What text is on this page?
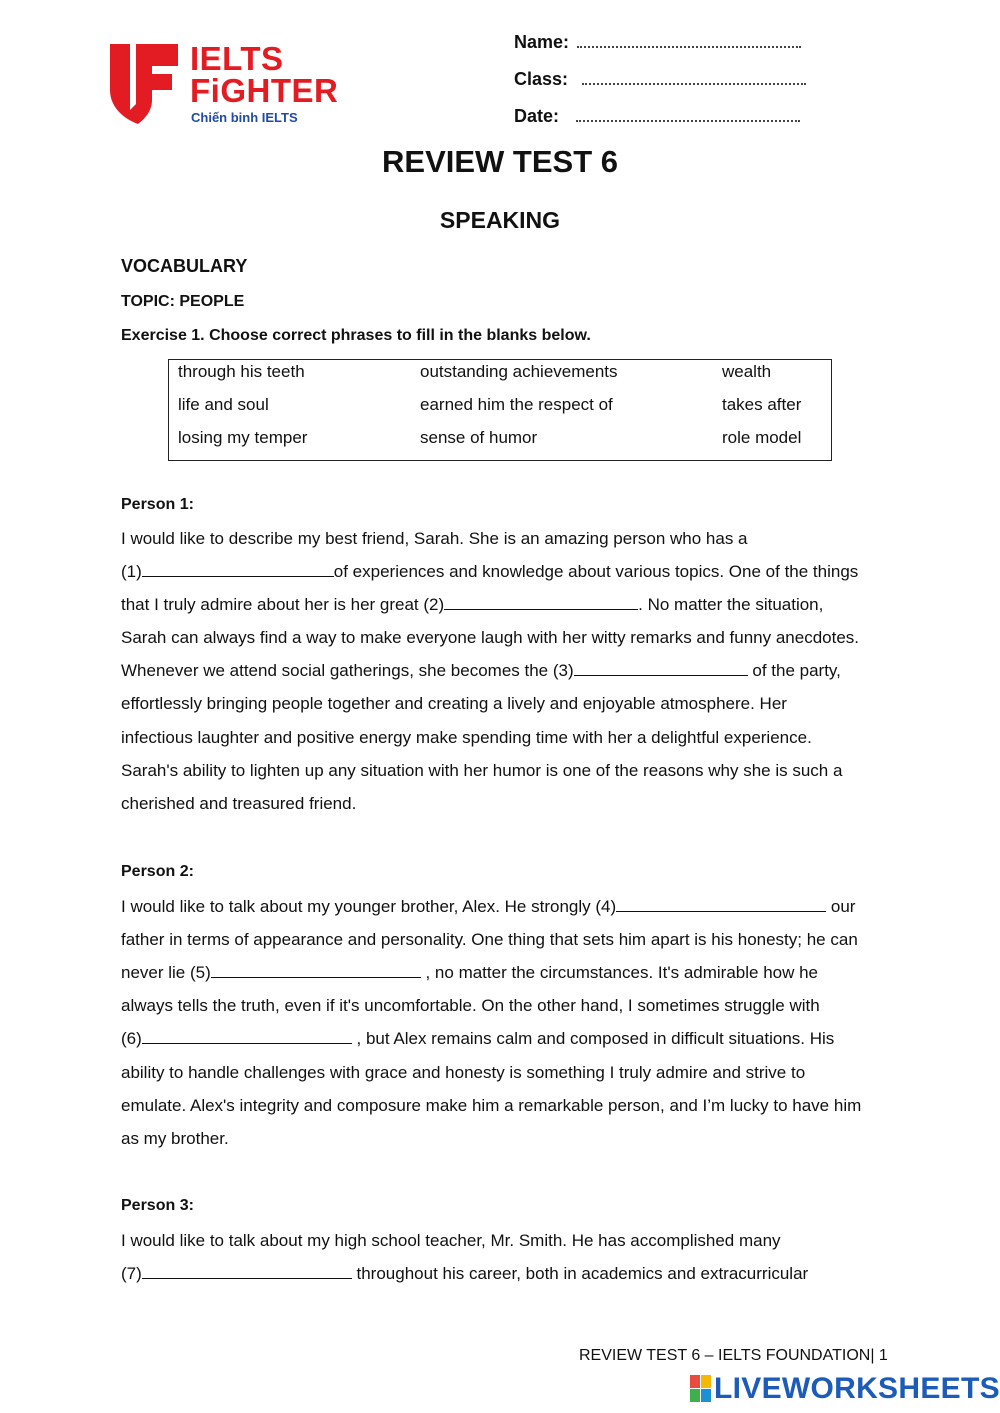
IELTS
FiGHTER
Chiến binh IELTS
Name:
Class:
Date:
REVIEW TEST 6
SPEAKING
VOCABULARY
TOPIC: PEOPLE
Exercise 1. Choose correct phrases to fill in the blanks below.
through his teeth	outstanding achievements	wealth
life and soul	earned him the respect of	takes after
losing my temper	sense of humor	role model
Person 1:
I would like to describe my best friend, Sarah. She is an amazing person who has a
(1)	of experiences and knowledge about various topics. One of the things
that I truly admire about her is her great (2)	. No matter the situation,
Sarah can always find a way to make everyone laugh with her witty remarks and funny anecdotes.
Whenever we attend social gatherings, she becomes the (3)	of the party,
effortlessly bringing people together and creating a lively and enjoyable atmosphere. Her
infectious laughter and positive energy make spending time with her a delightful experience.
Sarah's ability to lighten up any situation with her humor is one of the reasons why she is such a
cherished and treasured friend.
Person 2:
I would like to talk about my younger brother, Alex. He strongly (4)	our
father in terms of appearance and personality. One thing that sets him apart is his honesty; he can
never lie (5)	, no matter the circumstances. It's admirable how he
always tells the truth, even if it's uncomfortable. On the other hand, I sometimes struggle with
(6)	, but Alex remains calm and composed in difficult situations. His
ability to handle challenges with grace and honesty is something I truly admire and strive to
emulate. Alex's integrity and composure make him a remarkable person, and I’m lucky to have him
as my brother.
Person 3:
I would like to talk about my high school teacher, Mr. Smith. He has accomplished many
(7)	throughout his career, both in academics and extracurricular
REVIEW TEST 6 – IELTS FOUNDATION| 1
LIVEWORKSHEETS
